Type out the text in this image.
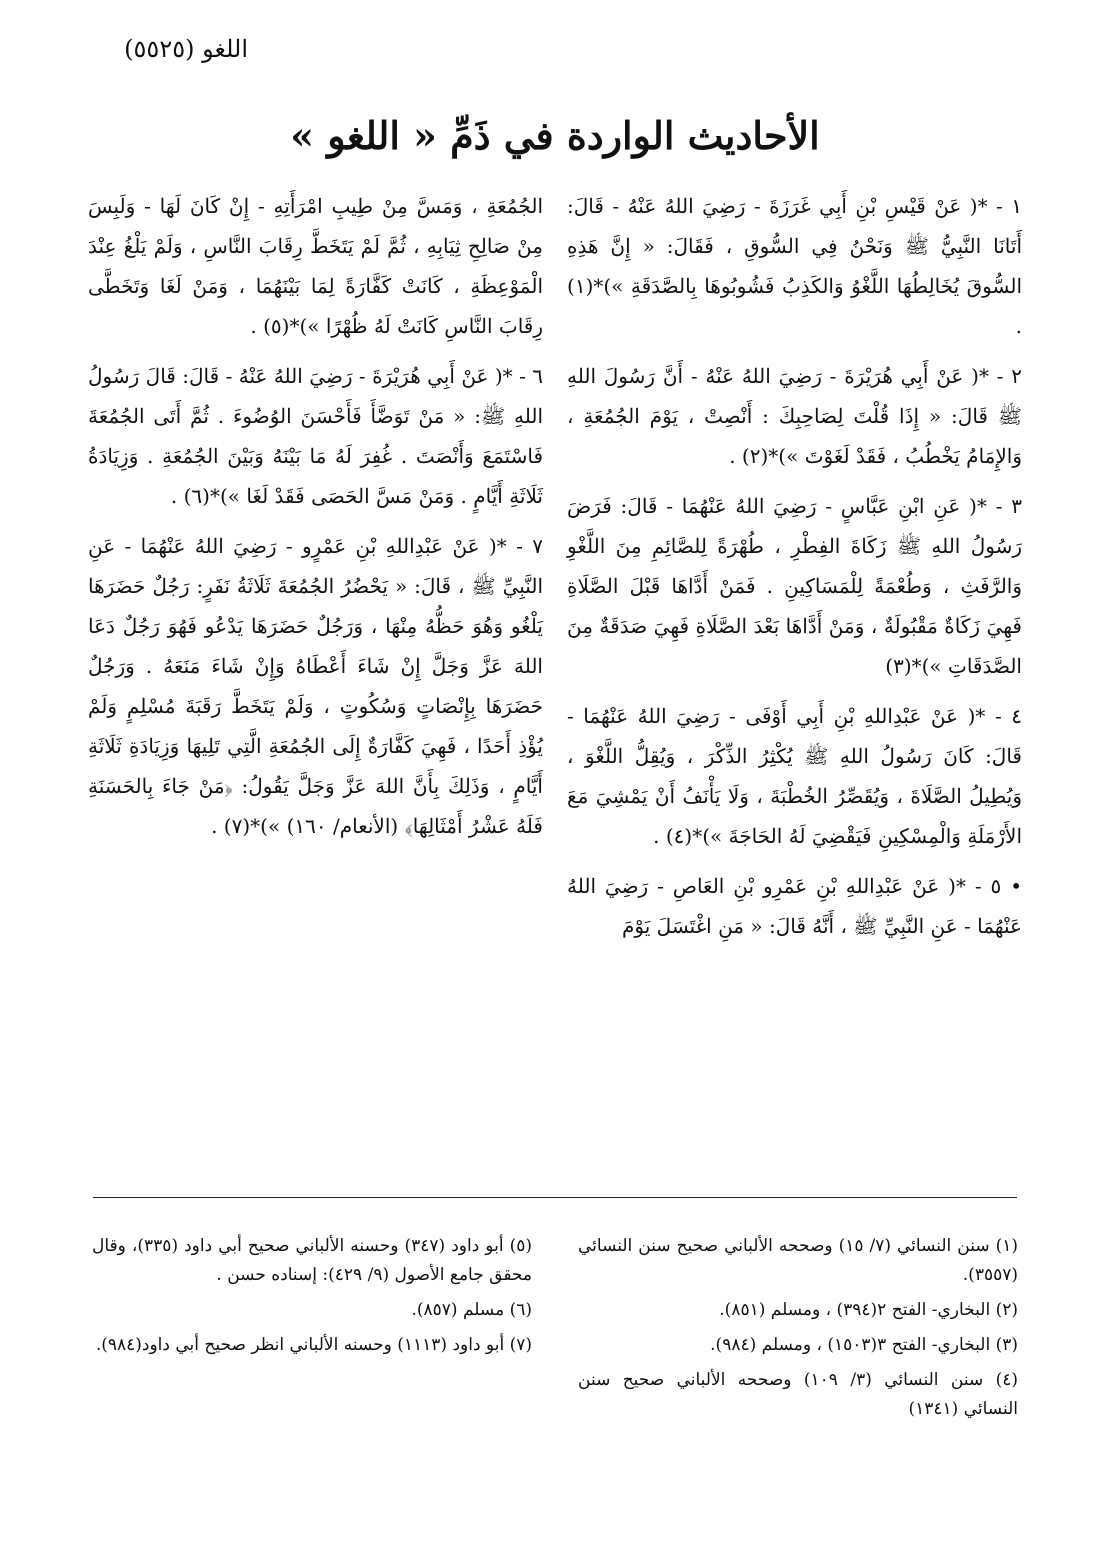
اللغو (٥٥٢٥)
الأحاديث الواردة في ذَمِّ « اللغو »

١ - *( عَنْ قَيْسِ بْنِ أَبِي غَرَزَةَ - رَضِيَ اللهُ عَنْهُ - قَالَ: أَتَانَا النَّبِيُّ ﷺ وَنَحْنُ فِي السُّوقِ ، فَقَالَ: « إِنَّ هَذِهِ السُّوقَ يُخَالِطُهَا اللَّغْوُ وَالكَذِبُ فَشُوبُوهَا بِالصَّدَقَةِ »)*(١) .

٢ - *( عَنْ أَبِي هُرَيْرَةَ - رَضِيَ اللهُ عَنْهُ - أَنَّ رَسُولَ اللهِ ﷺ قَالَ: « إِذَا قُلْتَ لِصَاحِبِكَ : أَنْصِتْ ، يَوْمَ الجُمُعَةِ ، وَالإِمَامُ يَخْطُبُ ، فَقَدْ لَغَوْتَ »)*(٢) .

٣ - *( عَنِ ابْنِ عَبَّاسٍ - رَضِيَ اللهُ عَنْهُمَا - قَالَ: فَرَضَ رَسُولُ اللهِ ﷺ زَكَاةَ الفِطْرِ ، طُهْرَةً لِلصَّائِمِ مِنَ اللَّغْوِ وَالرَّفَثِ ، وَطُعْمَةً لِلْمَسَاكِينِ . فَمَنْ أَدَّاهَا قَبْلَ الصَّلَاةِ فَهِيَ زَكَاةٌ مَقْبُولَةٌ ، وَمَنْ أَدَّاهَا بَعْدَ الصَّلَاةِ فَهِيَ صَدَقَةٌ مِنَ الصَّدَقَاتِ »)*(٣)

٤ - *( عَنْ عَبْدِاللهِ بْنِ أَبِي أَوْفَى - رَضِيَ اللهُ عَنْهُمَا - قَالَ: كَانَ رَسُولُ اللهِ ﷺ يُكْثِرُ الذِّكْرَ ، وَيُقِلُّ اللَّغْوَ ، وَيُطِيلُ الصَّلَاةَ ، وَيُقَصِّرُ الخُطْبَةَ ، وَلَا يَأْنَفُ أَنْ يَمْشِيَ مَعَ الأَرْمَلَةِ وَالْمِسْكِينِ فَيَقْضِيَ لَهُ الحَاجَةَ »)*(٤) .

• ٥ - *( عَنْ عَبْدِاللهِ بْنِ عَمْرِو بْنِ العَاصِ - رَضِيَ اللهُ عَنْهُمَا - عَنِ النَّبِيِّ ﷺ ، أَنَّهُ قَالَ: « مَنِ اغْتَسَلَ يَوْمَ

الجُمُعَةِ ، وَمَسَّ مِنْ طِيبِ امْرَأَتِهِ - إِنْ كَانَ لَهَا - وَلَبِسَ مِنْ صَالِحِ ثِيَابِهِ ، ثُمَّ لَمْ يَتَخَطَّ رِقَابَ النَّاسِ ، وَلَمْ يَلْغُ عِنْدَ الْمَوْعِظَةِ ، كَانَتْ كَفَّارَةً لِمَا بَيْنَهُمَا ، وَمَنْ لَغَا وَتَخَطَّى رِقَابَ النَّاسِ كَانَتْ لَهُ ظُهْرًا »)*(٥) .

٦ - *( عَنْ أَبِي هُرَيْرَةَ - رَضِيَ اللهُ عَنْهُ - قَالَ: قَالَ رَسُولُ اللهِ ﷺ: « مَنْ تَوَضَّأَ فَأَحْسَنَ الوُضُوءَ . ثُمَّ أَتَى الجُمُعَةَ فَاسْتَمَعَ وَأَنْصَتَ . غُفِرَ لَهُ مَا بَيْنَهُ وَبَيْنَ الجُمُعَةِ . وَزِيَادَةُ ثَلَاثَةِ أَيَّامٍ . وَمَنْ مَسَّ الحَصَى فَقَدْ لَغَا »)*(٦) .

٧ - *( عَنْ عَبْدِاللهِ بْنِ عَمْرٍو - رَضِيَ اللهُ عَنْهُمَا - عَنِ النَّبِيِّ ﷺ ، قَالَ: « يَحْضُرُ الجُمُعَةَ ثَلَاثَةُ نَفَرٍ: رَجُلٌ حَضَرَهَا يَلْغُو وَهُوَ حَظُّهُ مِنْهَا ، وَرَجُلٌ حَضَرَهَا يَدْعُو فَهُوَ رَجُلٌ دَعَا اللهَ عَزَّ وَجَلَّ إِنْ شَاءَ أَعْطَاهُ وَإِنْ شَاءَ مَنَعَهُ . وَرَجُلٌ حَضَرَهَا بِإِنْصَاتٍ وَسُكُوتٍ ، وَلَمْ يَتَخَطَّ رَقَبَةَ مُسْلِمٍ وَلَمْ يُؤْذِ أَحَدًا ، فَهِيَ كَفَّارَةٌ إِلَى الجُمُعَةِ الَّتِي تَلِيهَا وَزِيَادَةِ ثَلَاثَةِ أَيَّامٍ ، وَذَلِكَ بِأَنَّ اللهَ عَزَّ وَجَلَّ يَقُولُ: ﴿مَنْ جَاءَ بِالحَسَنَةِ فَلَهُ عَشْرُ أَمْثَالِهَا﴾ (الأنعام/ ١٦٠) »)*(٧) .

(١) سنن النسائي (٧/ ١٥) وصححه الألباني صحيح سنن النسائي (٣٥٥٧).

(٢) البخاري- الفتح ٢(٣٩٤) ، ومسلم (٨٥١).

(٣) البخاري- الفتح ٣(١٥٠٣) ، ومسلم (٩٨٤).

(٤) سنن النسائي (٣/ ١٠٩) وصححه الألباني صحيح سنن النسائي (١٣٤١)

(٥) أبو داود (٣٤٧) وحسنه الألباني صحيح أبي داود (٣٣٥)، وقال محقق جامع الأصول (٩/ ٤٢٩): إسناده حسن .

(٦) مسلم (٨٥٧).

(٧) أبو داود (١١١٣) وحسنه الألباني انظر صحيح أبي داود(٩٨٤).
